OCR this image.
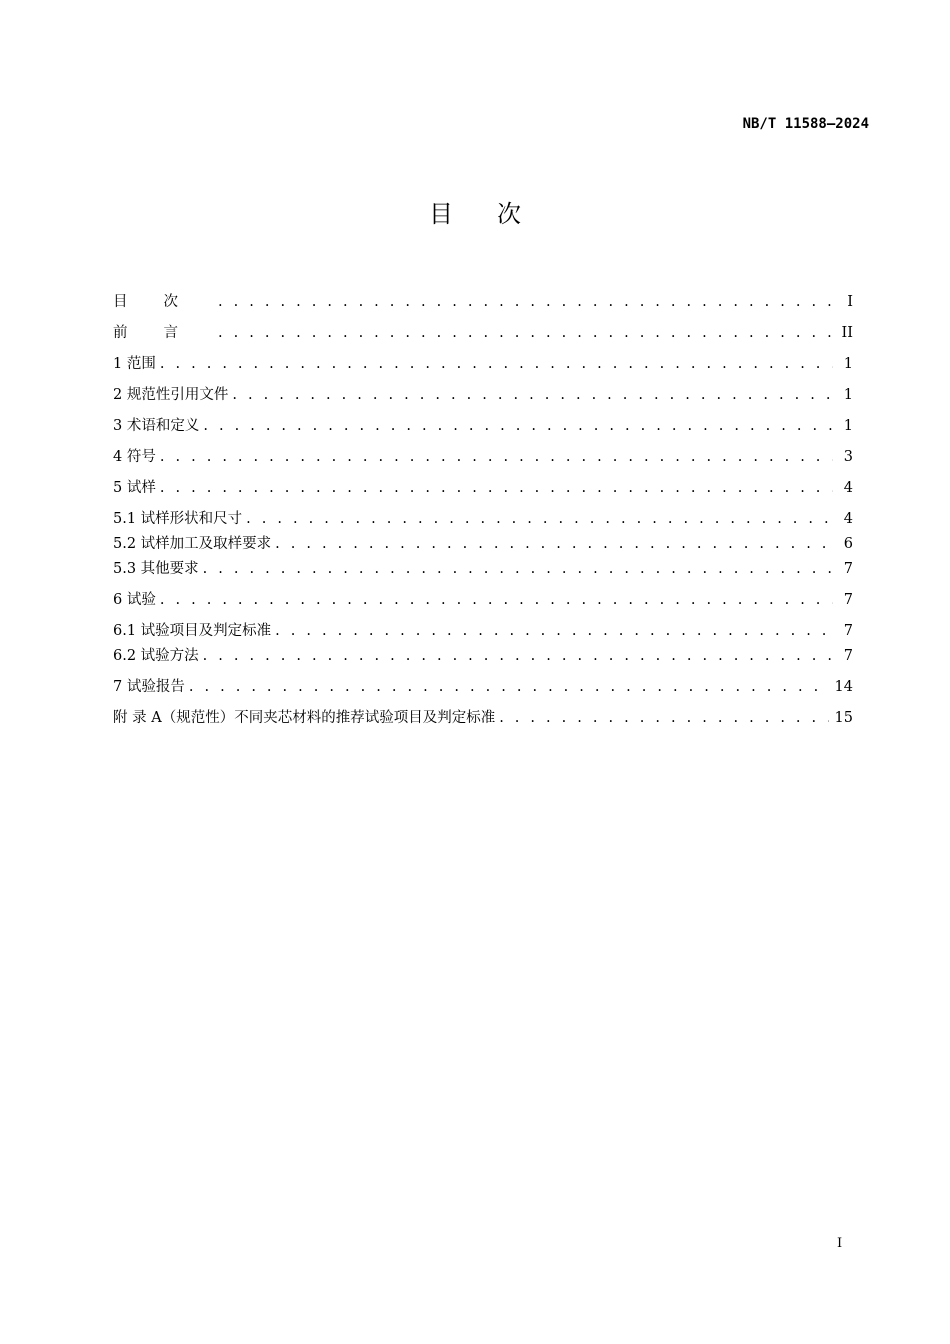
NB/T 11588—2024
目次
目次 . . .	I
前言 . . .	II
1 范围 . . .	1
2 规范性引用文件 . . .	1
3 术语和定义 . . .	1
4 符号 . . .	3
5 试样 . . .	4
5.1 试样形状和尺寸 . . .	4
5.2 试样加工及取样要求 . . .	6
5.3 其他要求 . . .	7
6 试验 . . .	7
6.1 试验项目及判定标准 . . .	7
6.2 试验方法 . . .	7
7 试验报告 . . .	14
附 录 A（规范性）不同夹芯材料的推荐试验项目及判定标准 . . .	15
I
